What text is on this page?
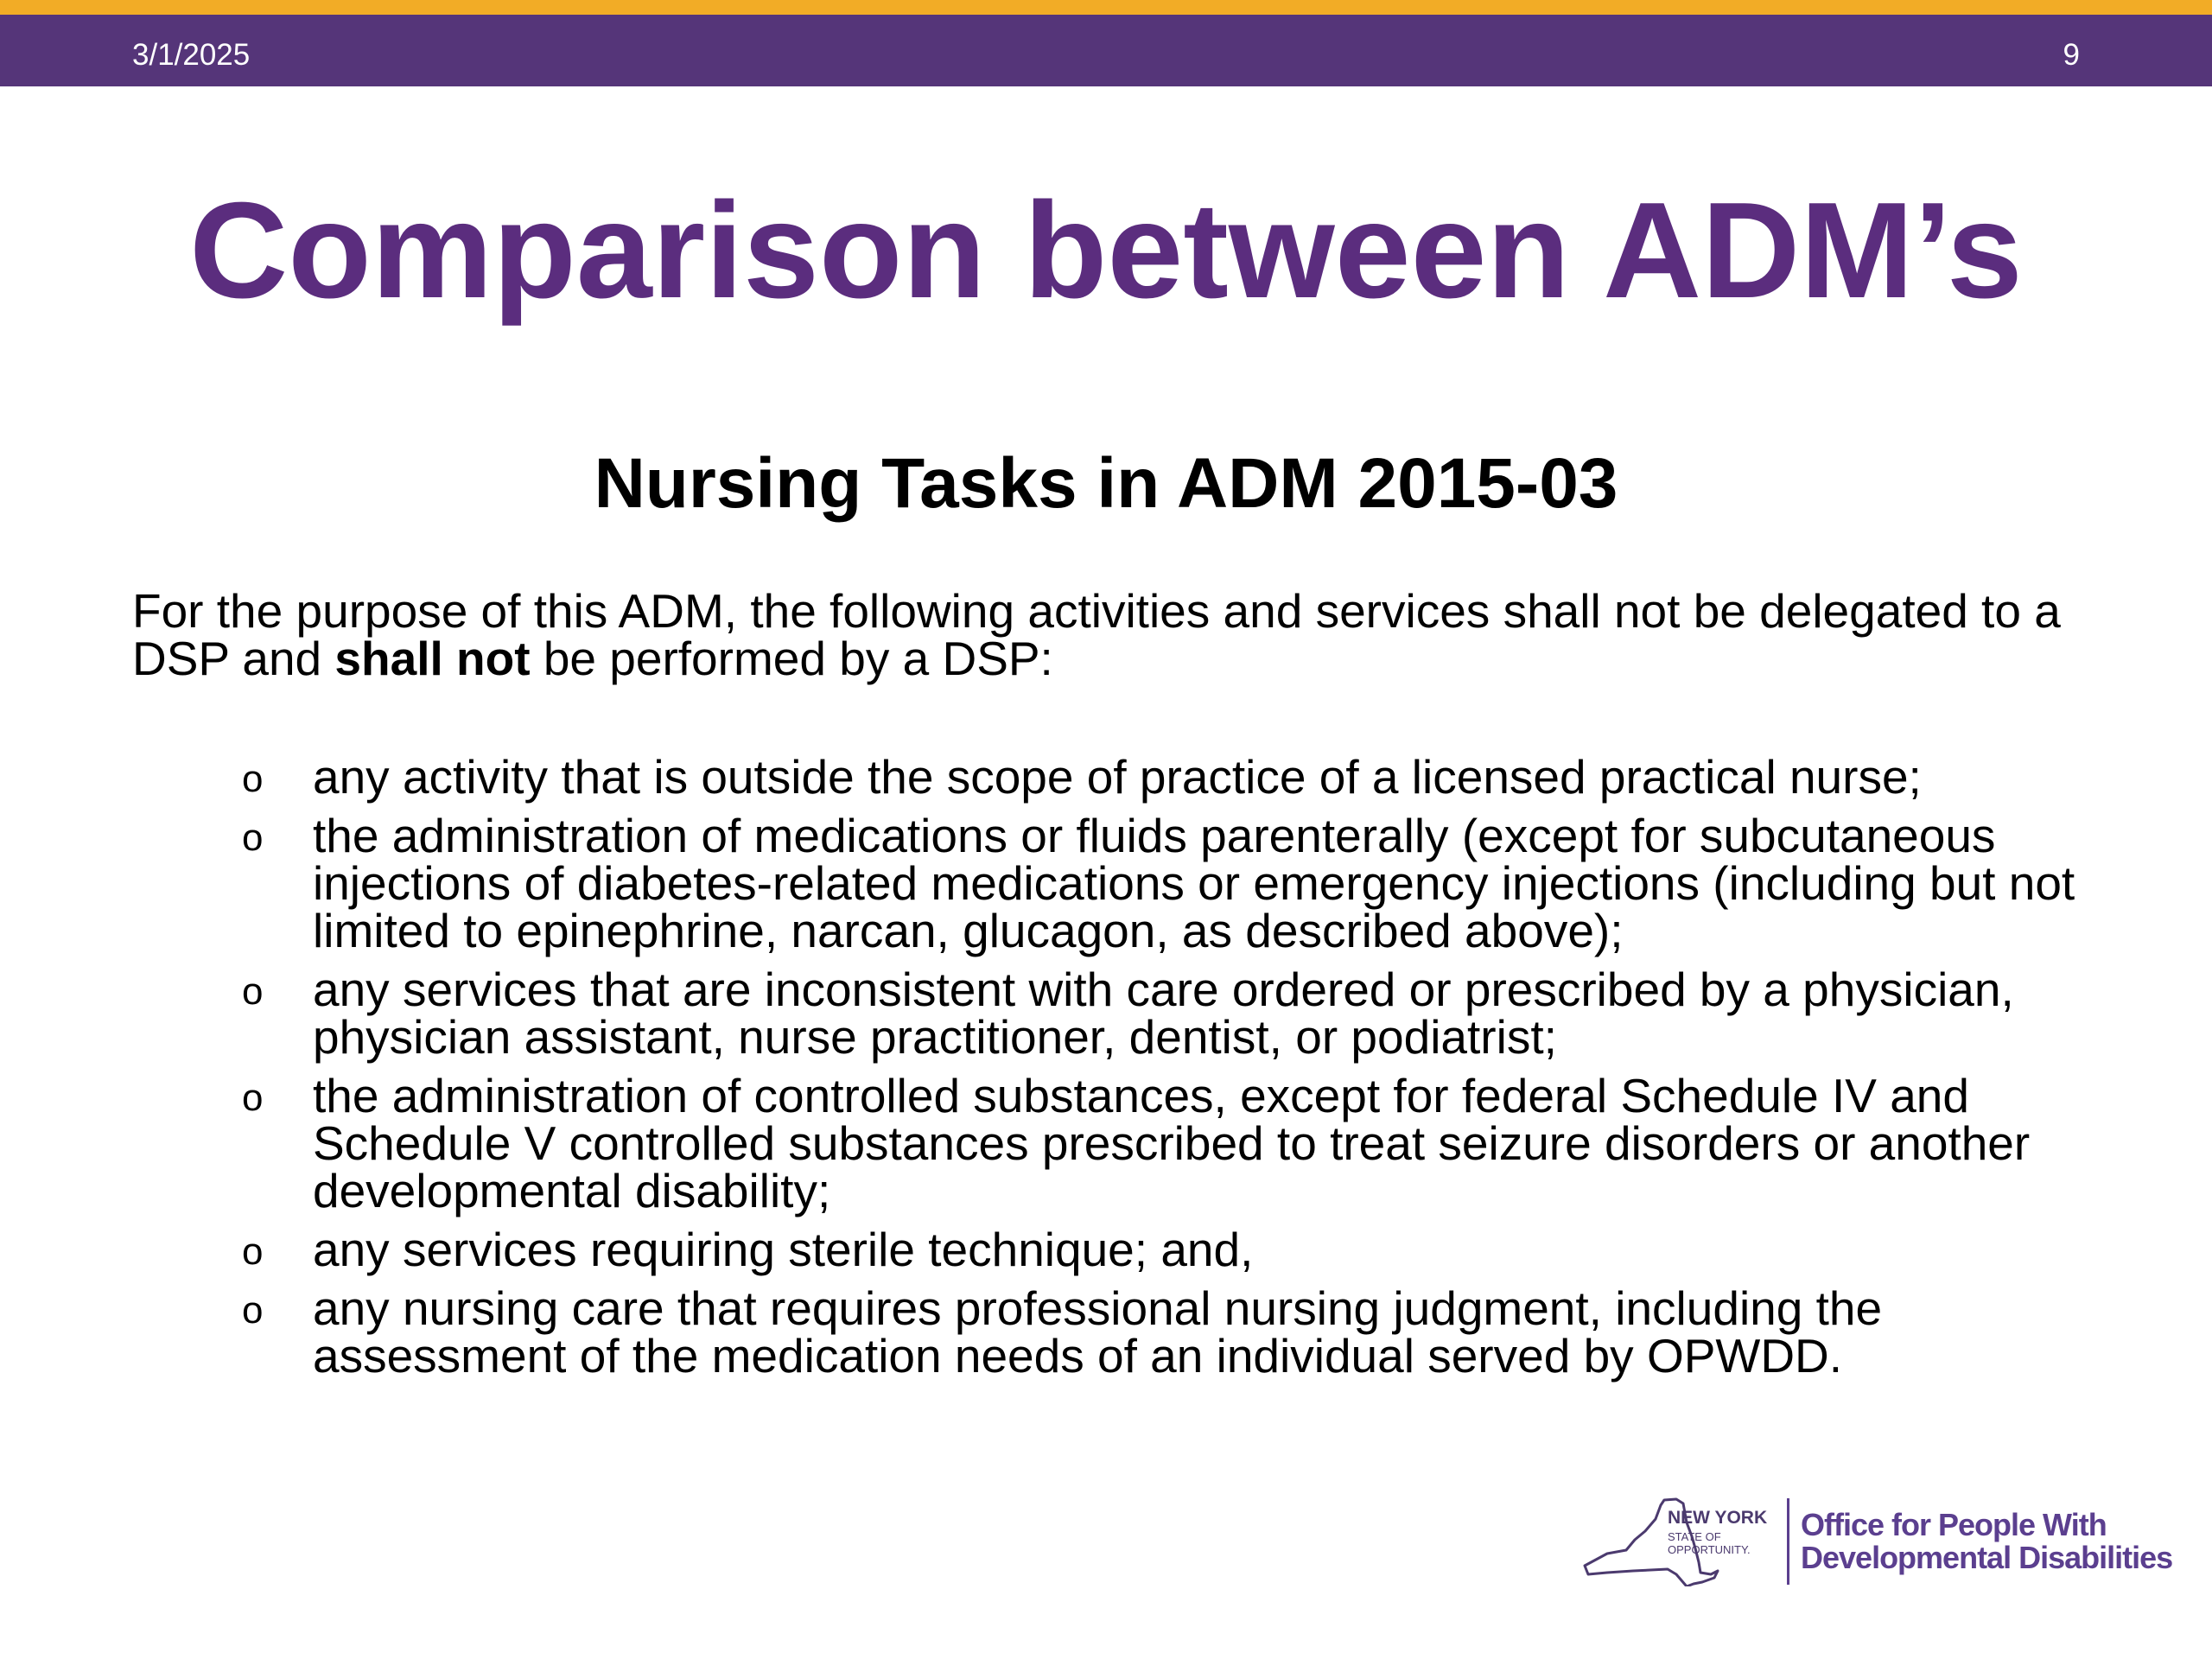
3/1/2025	9
Comparison between ADM’s
Nursing Tasks in ADM 2015-03
For the purpose of this ADM, the following activities and services shall not be delegated to a DSP and shall not be performed by a DSP:
o any activity that is outside the scope of practice of a licensed practical nurse;
o the administration of medications or fluids parenterally (except for subcutaneous injections of diabetes-related medications or emergency injections (including but not limited to epinephrine, narcan, glucagon, as described above);
o any services that are inconsistent with care ordered or prescribed by a physician, physician assistant, nurse practitioner, dentist, or podiatrist;
o the administration of controlled substances, except for federal Schedule IV and Schedule V controlled substances prescribed to treat seizure disorders or another developmental disability;
o any services requiring sterile technique; and,
o any nursing care that requires professional nursing judgment, including the assessment of the medication needs of an individual served by OPWDD.
NEW YORK
STATE OF
OPPORTUNITY.
Office for People With
Developmental Disabilities
